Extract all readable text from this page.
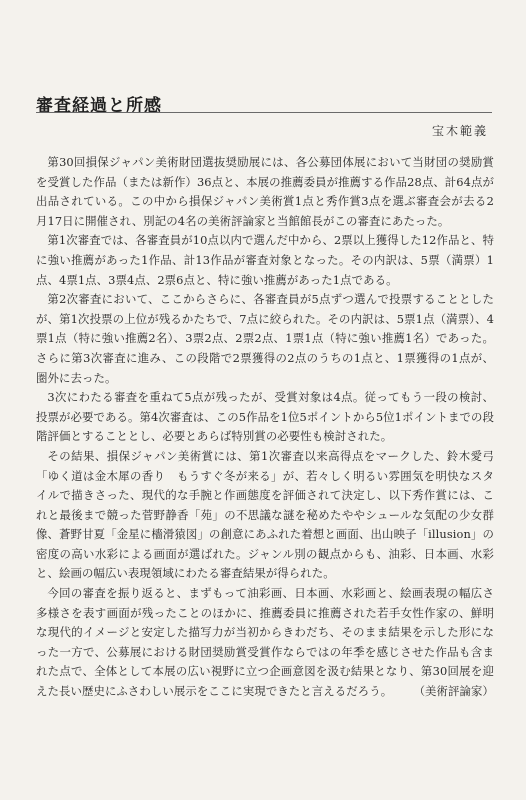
審査経過と所感
宝木範義

第30回損保ジャパン美術財団選抜奨励展には、各公募団体展において当財団の奨励賞を受賞した作品（または新作）36点と、本展の推薦委員が推薦する作品28点、計64点が出品されている。この中から損保ジャパン美術賞1点と秀作賞3点を選ぶ審査会が去る2月17日に開催され、別記の4名の美術評論家と当館館長がこの審査にあたった。

第1次審査では、各審査員が10点以内で選んだ中から、2票以上獲得した12作品と、特に強い推薦があった1作品、計13作品が審査対象となった。その内訳は、5票（満票）1点、4票1点、3票4点、2票6点と、特に強い推薦があった1点である。

第2次審査において、ここからさらに、各審査員が5点ずつ選んで投票することとしたが、第1次投票の上位が残るかたちで、7点に絞られた。その内訳は、5票1点（満票）、4票1点（特に強い推薦2名）、3票2点、2票2点、1票1点（特に強い推薦1名）であった。さらに第3次審査に進み、この段階で2票獲得の2点のうちの1点と、1票獲得の1点が、圏外に去った。

3次にわたる審査を重ねて5点が残ったが、受賞対象は4点。従ってもう一段の検討、投票が必要である。第4次審査は、この5作品を1位5ポイントから5位1ポイントまでの段階評価とすることとし、必要とあらば特別賞の必要性も検討された。

その結果、損保ジャパン美術賞には、第1次審査以来高得点をマークした、鈴木愛弓「ゆく道は金木犀の香り　もうすぐ冬が来る」が、若々しく明るい雰囲気を明快なスタイルで描きさった、現代的な手腕と作画態度を評価されて決定し、以下秀作賞には、これと最後まで競った菅野静香「苑」の不思議な謎を秘めたややシュールな気配の少女群像、蒼野甘夏「金星に檣滑猿図」の創意にあふれた着想と画面、出山映子「illusion」の密度の高い水彩による画面が選ばれた。ジャンル別の観点からも、油彩、日本画、水彩と、絵画の幅広い表現領域にわたる審査結果が得られた。

今回の審査を振り返ると、まずもって油彩画、日本画、水彩画と、絵画表現の幅広さ多様さを表す画面が残ったことのほかに、推薦委員に推薦された若手女性作家の、鮮明な現代的イメージと安定した描写力が当初からきわだち、そのまま結果を示した形になった一方で、公募展における財団奨励賞受賞作ならではの年季を感じさせた作品も含まれた点で、全体として本展の広い視野に立つ企画意図を汲む結果となり、第30回展を迎えた長い歴史にふさわしい展示をここに実現できたと言えるだろう。	（美術評論家）
